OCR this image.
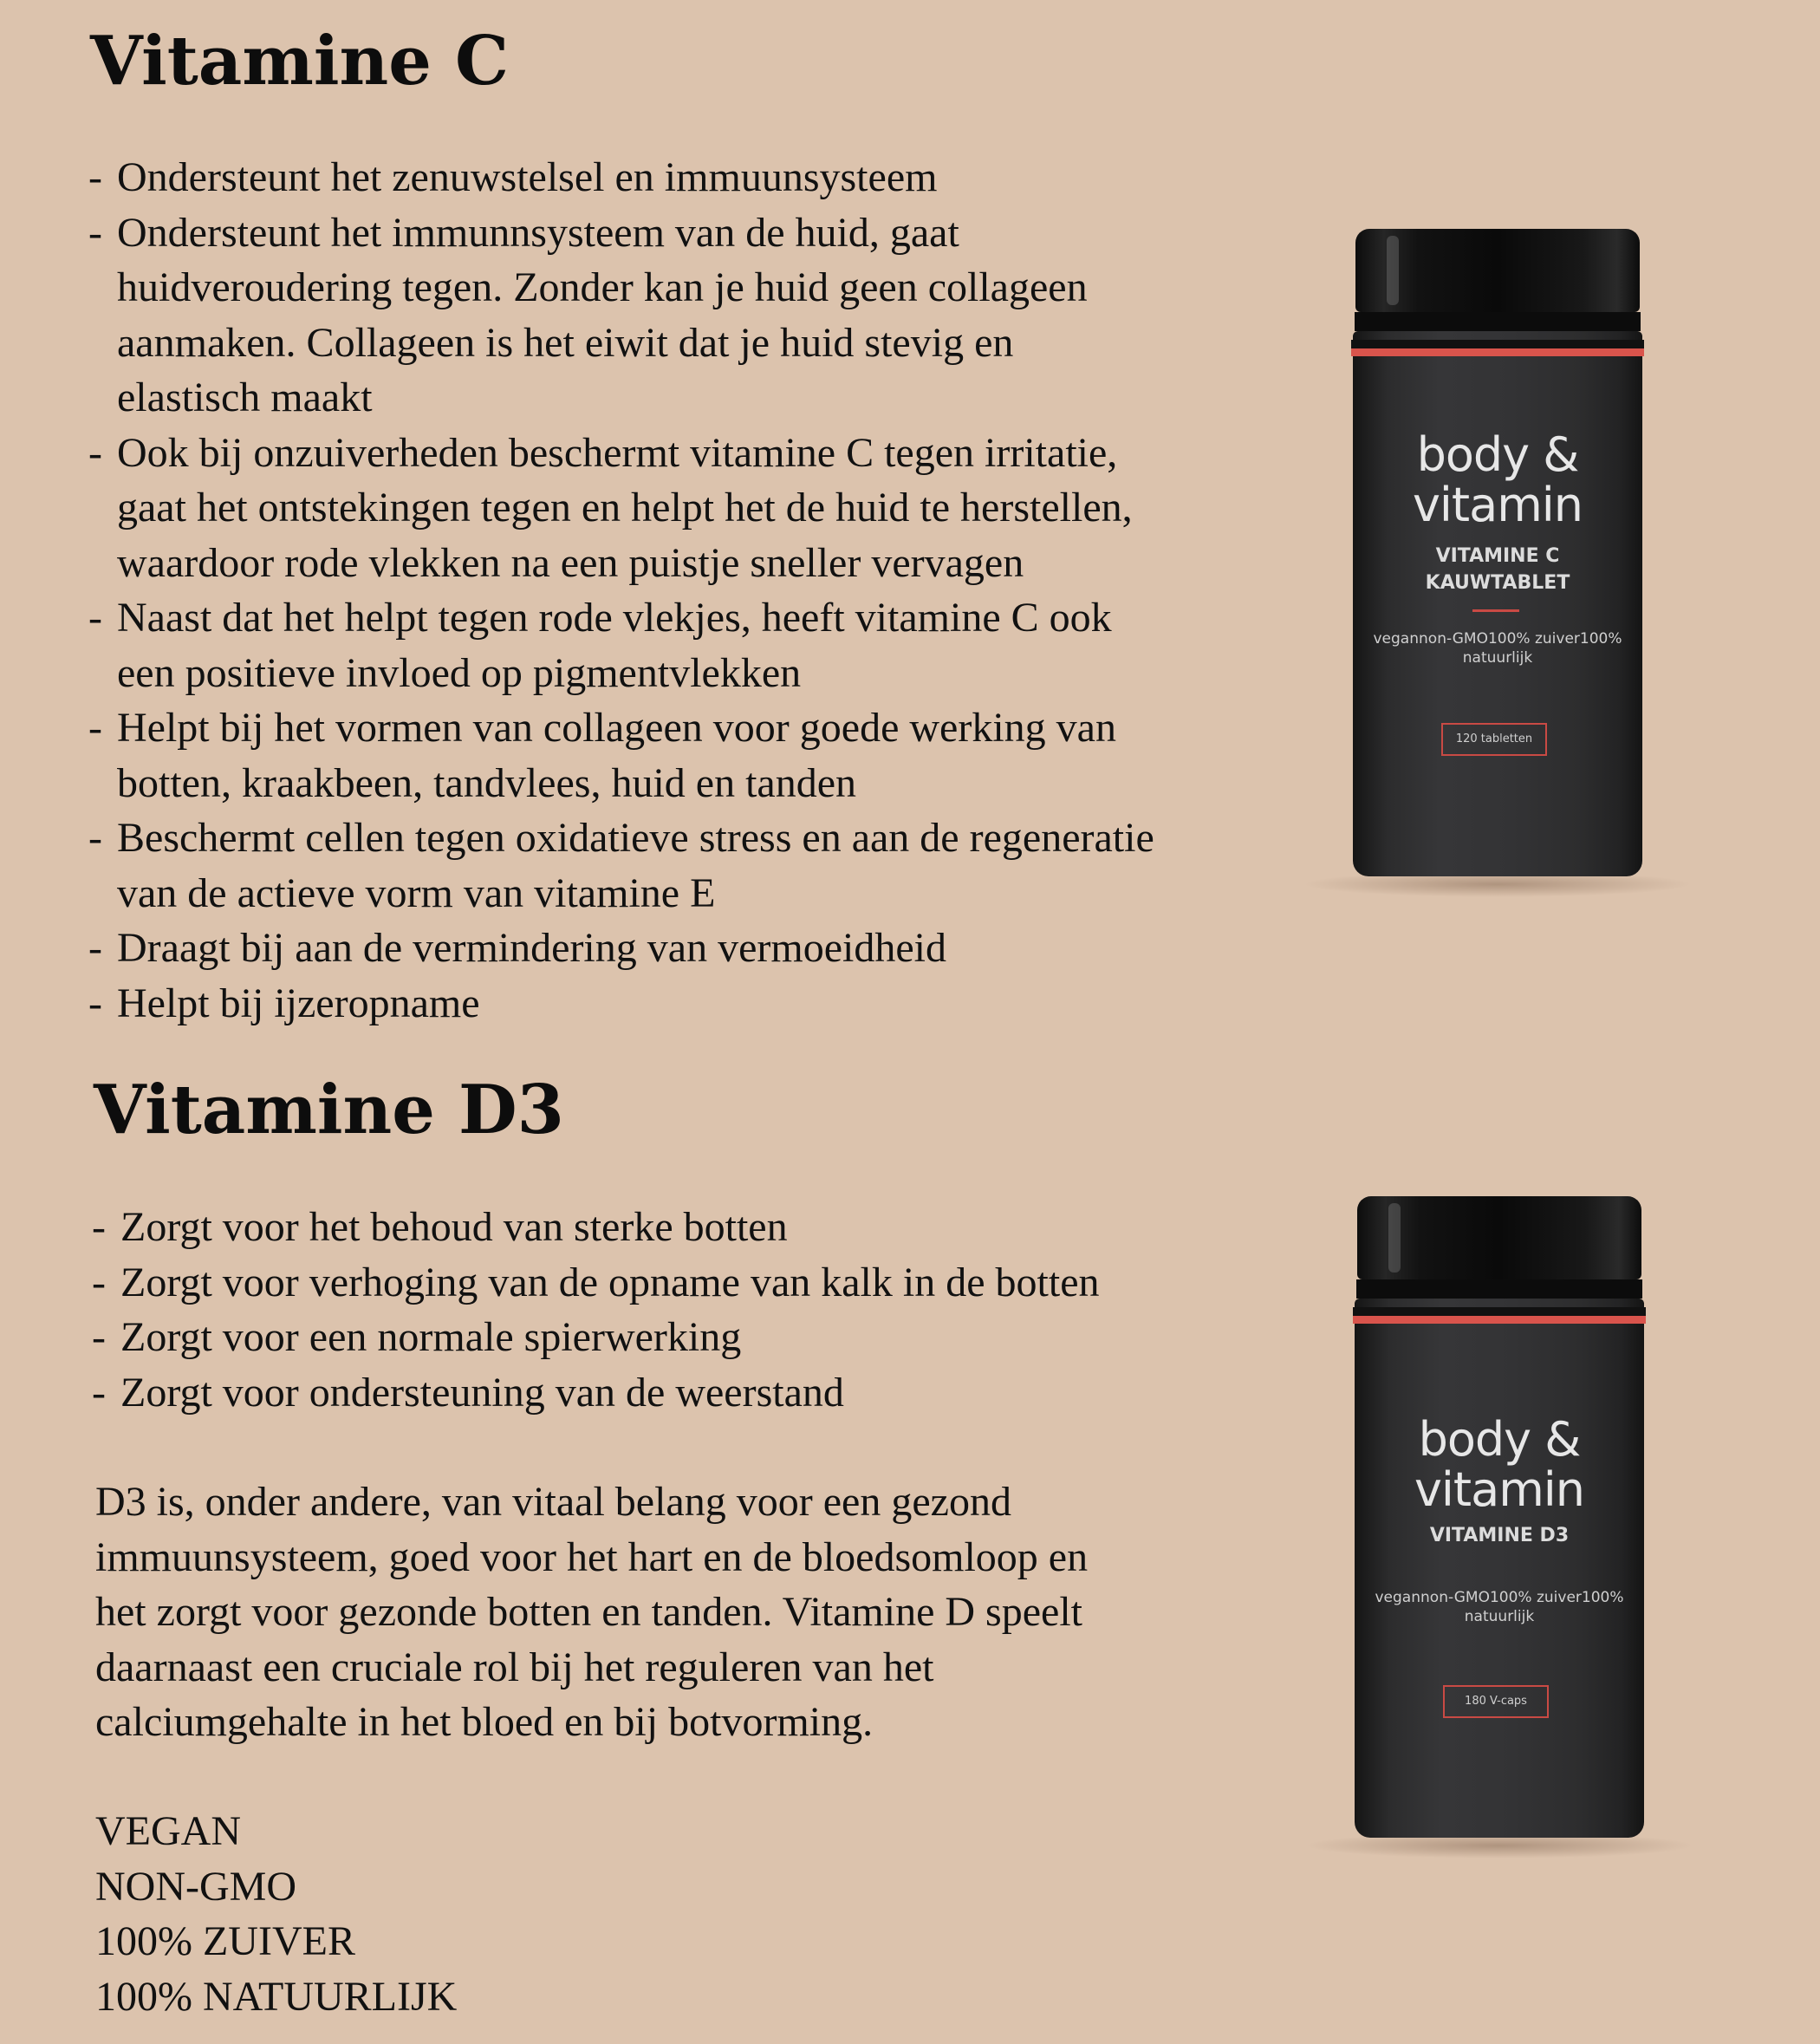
Vitamine C
- Ondersteunt het zenuwstelsel en immuunsysteem
- Ondersteunt het immunnsysteem van de huid, gaat
huidveroudering tegen. Zonder kan je huid geen collageen
aanmaken. Collageen is het eiwit dat je huid stevig en
elastisch maakt
- Ook bij onzuiverheden beschermt vitamine C tegen irritatie,
gaat het ontstekingen tegen en helpt het de huid te herstellen,
waardoor rode vlekken na een puistje sneller vervagen
- Naast dat het helpt tegen rode vlekjes, heeft vitamine C ook
een positieve invloed op pigmentvlekken
- Helpt bij het vormen van collageen voor goede werking van
botten, kraakbeen, tandvlees, huid en tanden
- Beschermt cellen tegen oxidatieve stress en aan de regeneratie
van de actieve vorm van vitamine E
- Draagt bij aan de vermindering van vermoeidheid
- Helpt bij ijzeropname
body &
vitamin
VITAMINE C
KAUWTABLET
vegannon-GMO100% zuiver100% natuurlijk
120 tabletten
Vitamine D3
- Zorgt voor het behoud van sterke botten
- Zorgt voor verhoging van de opname van kalk in de botten
- Zorgt voor een normale spierwerking
- Zorgt voor ondersteuning van de weerstand
D3 is, onder andere, van vitaal belang voor een gezond
immuunsysteem, goed voor het hart en de bloedsomloop en
het zorgt voor gezonde botten en tanden. Vitamine D speelt
daarnaast een cruciale rol bij het reguleren van het
calciumgehalte in het bloed en bij botvorming.
VEGAN
NON-GMO
100% ZUIVER
100% NATUURLIJK
body &
vitamin
VITAMINE D3
vegannon-GMO100% zuiver100% natuurlijk
180 V-caps
